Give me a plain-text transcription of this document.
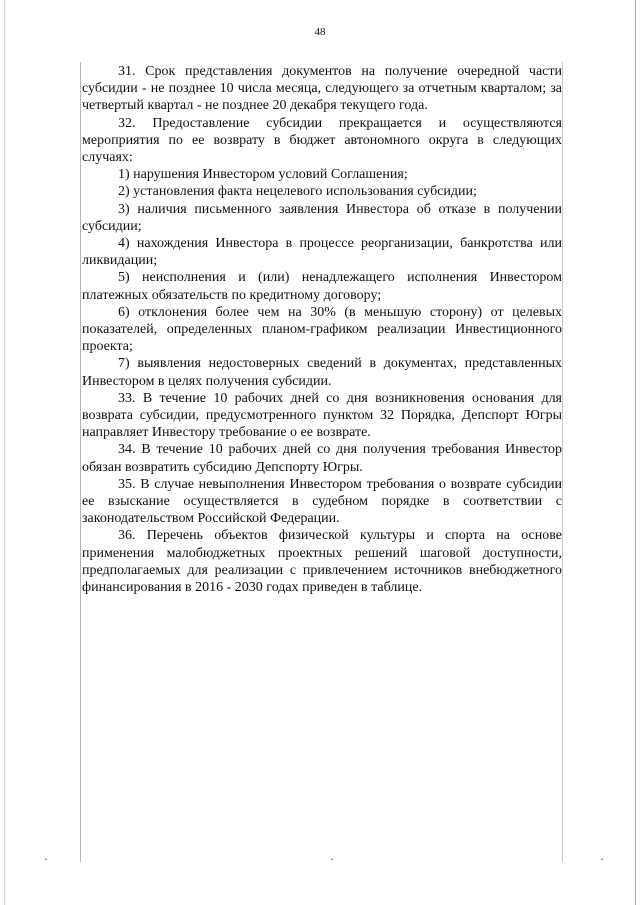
48

31. Срок представления документов на получение очередной части субсидии - не позднее 10 числа месяца, следующего за отчетным кварталом; за четвертый квартал - не позднее 20 декабря текущего года.

32. Предоставление субсидии прекращается и осуществляются мероприятия по ее возврату в бюджет автономного округа в следующих случаях:

1) нарушения Инвестором условий Соглашения;

2) установления факта нецелевого использования субсидии;

3) наличия письменного заявления Инвестора об отказе в получении субсидии;

4) нахождения Инвестора в процессе реорганизации, банкротства или ликвидации;

5) неисполнения и (или) ненадлежащего исполнения Инвестором платежных обязательств по кредитному договору;

6) отклонения более чем на 30% (в меньшую сторону) от целевых показателей, определенных планом-графиком реализации Инвестиционного проекта;

7) выявления недостоверных сведений в документах, представленных Инвестором в целях получения субсидии.

33. В течение 10 рабочих дней со дня возникновения основания для возврата субсидии, предусмотренного пунктом 32 Порядка, Депспорт Югры направляет Инвестору требование о ее возврате.

34. В течение 10 рабочих дней со дня получения требования Инвестор обязан возвратить субсидию Депспорту Югры.

35. В случае невыполнения Инвестором требования о возврате субсидии ее взыскание осуществляется в судебном порядке в соответствии с законодательством Российской Федерации.

36. Перечень объектов физической культуры и спорта на основе применения малобюджетных проектных решений шаговой доступности, предполагаемых для реализации с привлечением источников внебюджетного финансирования в 2016 - 2030 годах приведен в таблице.

·	·	·
